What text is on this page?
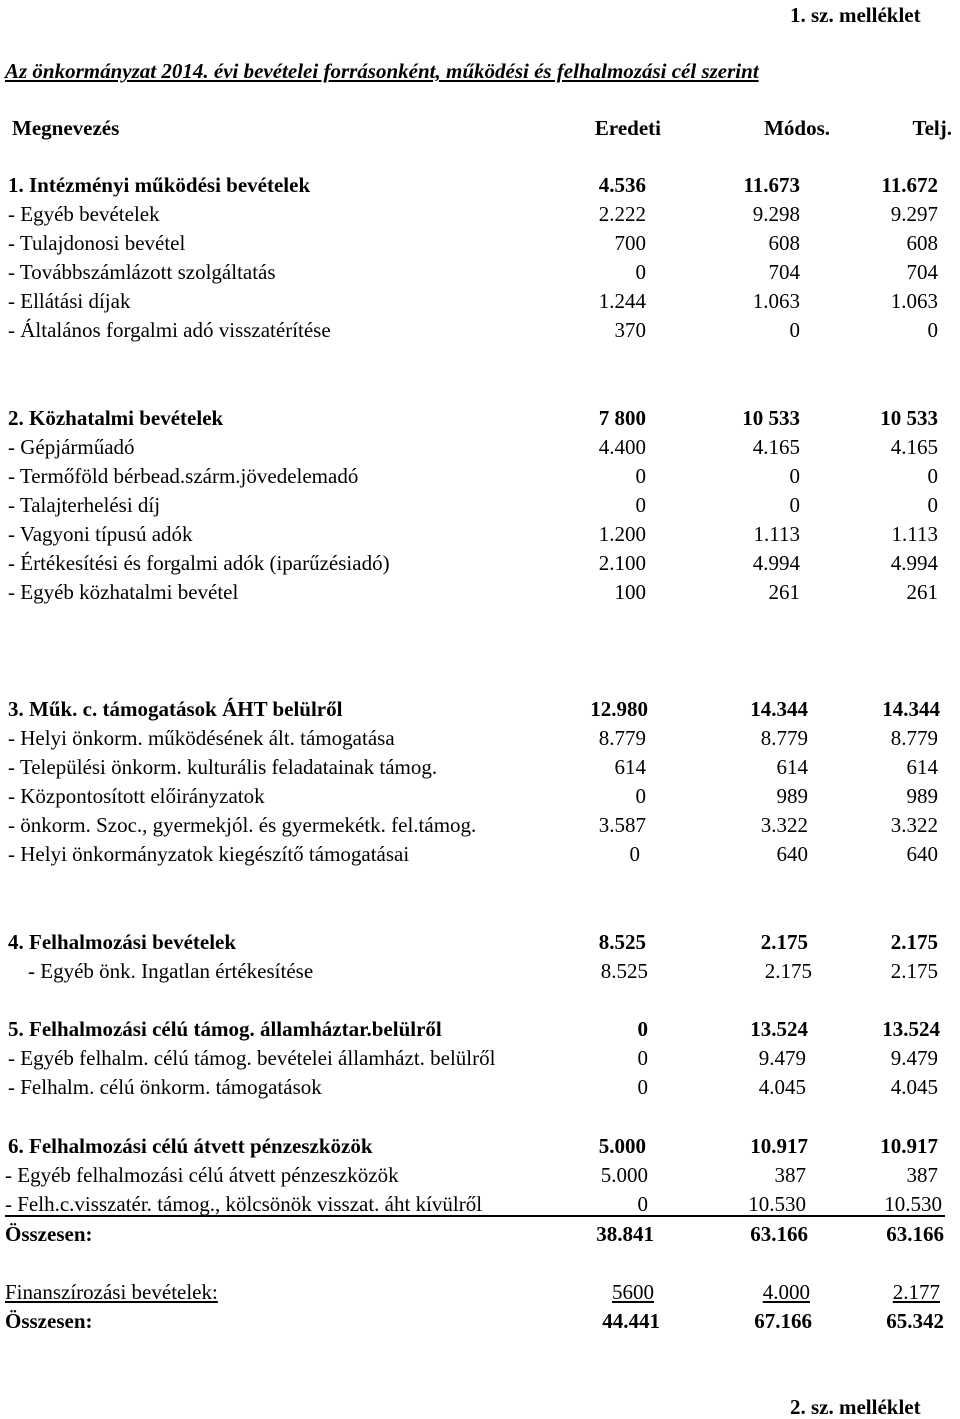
1. sz. melléklet
Az önkormányzat 2014. évi bevételei forrásonként, működési és felhalmozási cél szerint
Megnevezés	Eredeti	Módos.	Telj.
1. Intézményi működési bevételek	4.536	11.673	11.672
- Egyéb bevételek	2.222	9.298	9.297
- Tulajdonosi bevétel	700	608	608
- Továbbszámlázott szolgáltatás	0	704	704
- Ellátási díjak	1.244	1.063	1.063
- Általános forgalmi adó visszatérítése	370	0	0
2. Közhatalmi bevételek	7 800	10 533	10 533
- Gépjárműadó	4.400	4.165	4.165
- Termőföld bérbead.szárm.jövedelemadó	0	0	0
- Talajterhelési díj	0	0	0
- Vagyoni típusú adók	1.200	1.113	1.113
- Értékesítési és forgalmi adók (iparűzésiadó)	2.100	4.994	4.994
- Egyéb közhatalmi bevétel	100	261	261
3. Műk. c. támogatások ÁHT belülről	12.980	14.344	14.344
- Helyi önkorm. működésének ált. támogatása	8.779	8.779	8.779
- Települési önkorm. kulturális feladatainak támog.	614	614	614
- Központosított előirányzatok	0	989	989
- önkorm. Szoc., gyermekjól. és gyermekétk. fel.támog.	3.587	3.322	3.322
- Helyi önkormányzatok kiegészítő támogatásai	0	640	640
4. Felhalmozási bevételek	8.525	2.175	2.175
- Egyéb önk. Ingatlan értékesítése	8.525	2.175	2.175
5. Felhalmozási célú támog. államháztar.belülről	0	13.524	13.524
- Egyéb felhalm. célú támog. bevételei államházt. belülről	0	9.479	9.479
- Felhalm. célú önkorm. támogatások	0	4.045	4.045
6. Felhalmozási célú átvett pénzeszközök	5.000	10.917	10.917
- Egyéb felhalmozási célú átvett pénzeszközök	5.000	387	387
- Felh.c.visszatér. támog., kölcsönök visszat. áht kívülről	0	10.530	10.530
Összesen:	38.841	63.166	63.166
Finanszírozási bevételek:	5600	4.000	2.177
Összesen:	44.441	67.166	65.342
2. sz. melléklet
